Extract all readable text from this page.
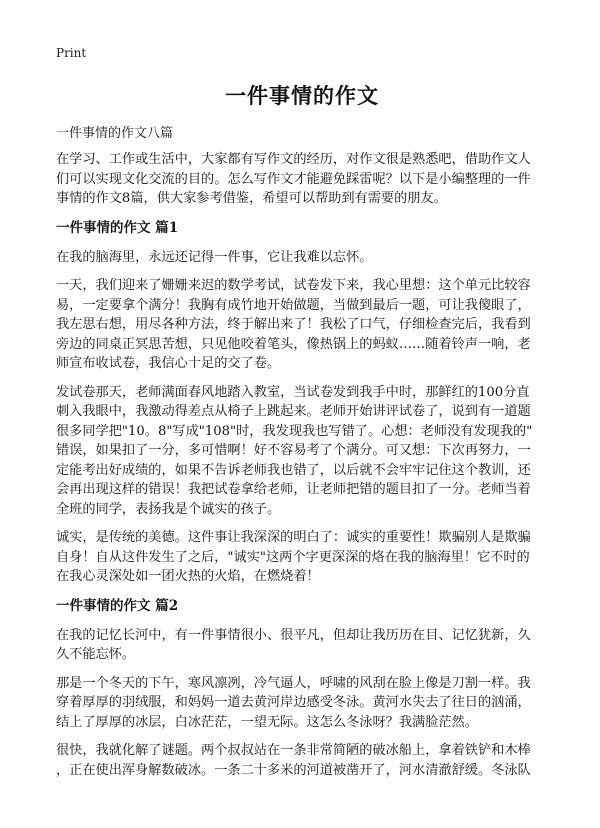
Print
一件事情的作文
一件事情的作文八篇
在学习、工作或生活中，大家都有写作文的经历，对作文很是熟悉吧，借助作文人
们可以实现文化交流的目的。怎么写作文才能避免踩雷呢？以下是小编整理的一件
事情的作文8篇，供大家参考借鉴，希望可以帮助到有需要的朋友。
一件事情的作文 篇1
在我的脑海里，永远还记得一件事，它让我难以忘怀。
一天，我们迎来了姗姗来迟的数学考试，试卷发下来，我心里想：这个单元比较容
易，一定要拿个满分！我胸有成竹地开始做题，当做到最后一题，可让我傻眼了，
我左思右想，用尽各种方法，终于解出来了！我松了口气，仔细检查完后，我看到
旁边的同桌正冥思苦想，只见他咬着笔头，像热锅上的蚂蚁……随着铃声一响，老
师宣布收试卷，我信心十足的交了卷。
发试卷那天，老师满面春风地踏入教室，当试卷发到我手中时，那鲜红的100分直
刺入我眼中，我激动得差点从椅子上跳起来。老师开始讲评试卷了，说到有一道题
很多同学把"10。8"写成"108"时，我发现我也写错了。心想：老师没有发现我的"
错误，如果扣了一分，多可惜啊！好不容易考了个满分。可又想：下次再努力，一
定能考出好成绩的，如果不告诉老师我也错了，以后就不会牢牢记住这个教训，还
会再出现这样的错误！我把试卷拿给老师，让老师把错的题目扣了一分。老师当着
全班的同学，表扬我是个诚实的孩子。
诚实，是传统的美德。这件事让我深深的明白了：诚实的重要性！欺骗别人是欺骗
自身！自从这件发生了之后，"诚实"这两个字更深深的烙在我的脑海里！它不时的
在我心灵深处如一团火热的火焰，在燃烧着！
一件事情的作文 篇2
在我的记忆长河中，有一件事情很小、很平凡，但却让我历历在目、记忆犹新，久
久不能忘怀。
那是一个冬天的下午，寒风凛冽，冷气逼人，呼啸的风刮在脸上像是刀割一样。我
穿着厚厚的羽绒服，和妈妈一道去黄河岸边感受冬泳。黄河水失去了往日的汹涌，
结上了厚厚的冰层，白冰茫茫，一望无际。这怎么冬泳呀？我满脸茫然。
很快，我就化解了谜题。两个叔叔站在一条非常简陋的破冰船上，拿着铁铲和木棒
，正在使出浑身解数破冰。一条二十多米的河道被凿开了，河水清澈舒缓。冬泳队
